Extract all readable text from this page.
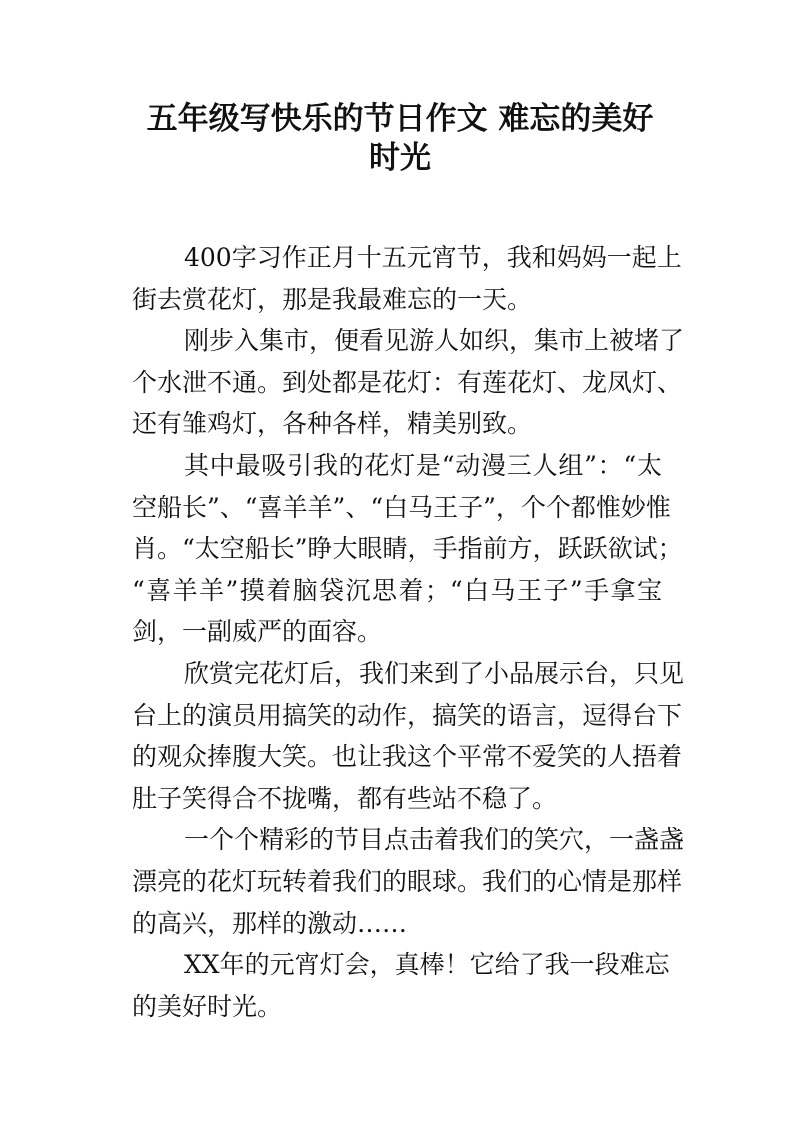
五年级写快乐的节日作文 难忘的美好
时光
400字习作正月十五元宵节，我和妈妈一起上
街去赏花灯，那是我最难忘的一天。
刚步入集市，便看见游人如织，集市上被堵了
个水泄不通。到处都是花灯：有莲花灯、龙凤灯、
还有雏鸡灯，各种各样，精美别致。
其中最吸引我的花灯是“动漫三人组”：“太
空船长”、“喜羊羊”、“白马王子”，个个都惟妙惟
肖。“太空船长”睁大眼睛，手指前方，跃跃欲试；
“喜羊羊”摸着脑袋沉思着；“白马王子”手拿宝
剑，一副威严的面容。
欣赏完花灯后，我们来到了小品展示台，只见
台上的演员用搞笑的动作，搞笑的语言，逗得台下
的观众捧腹大笑。也让我这个平常不爱笑的人捂着
肚子笑得合不拢嘴，都有些站不稳了。
一个个精彩的节目点击着我们的笑穴，一盏盏
漂亮的花灯玩转着我们的眼球。我们的心情是那样
的高兴，那样的激动……
XX年的元宵灯会，真棒！它给了我一段难忘
的美好时光。
